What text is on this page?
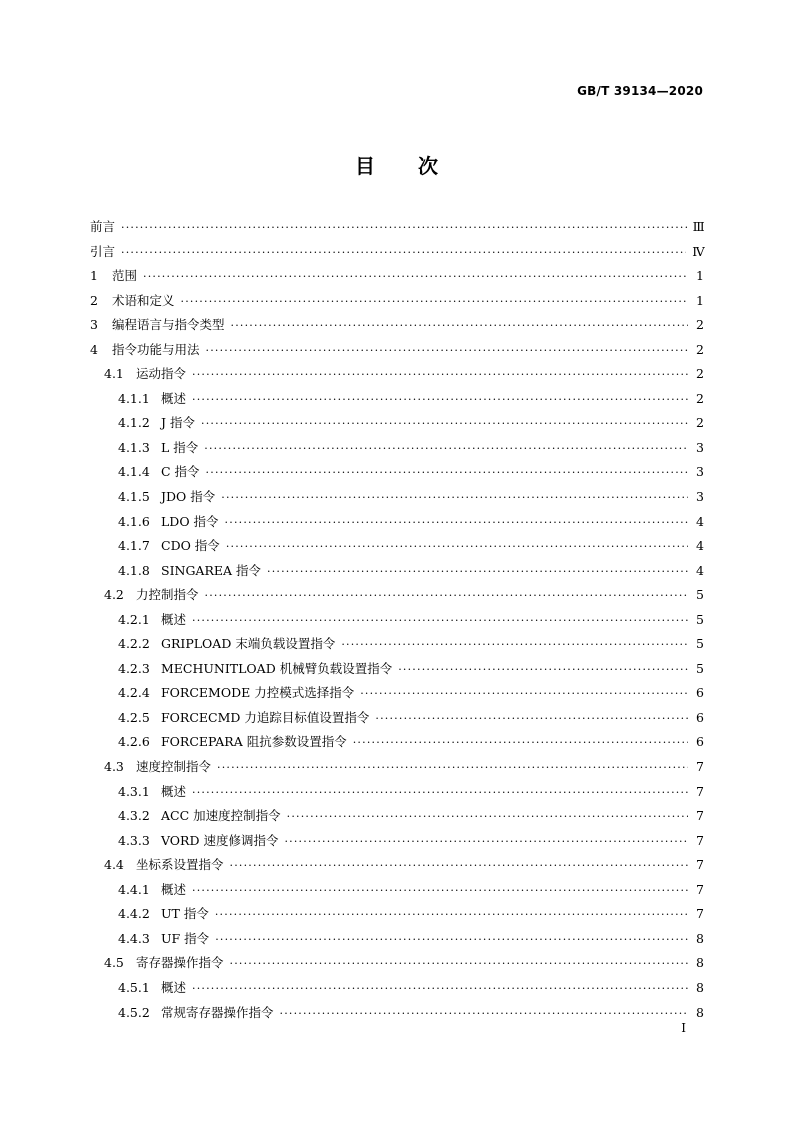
GB/T 39134—2020
目　　次
前言 ·····	Ⅲ
引言 ·····	Ⅳ
1	范围 ·····	1
2	术语和定义 ·····	1
3	编程语言与指令类型 ·····	2
4	指令功能与用法 ·····	2
4.1 运动指令 ·····	2
4.1.1 概述 ·····	2
4.1.2 J 指令 ·····	2
4.1.3 L 指令 ·····	3
4.1.4 C 指令 ·····	3
4.1.5 JDO 指令 ·····	3
4.1.6 LDO 指令 ·····	4
4.1.7 CDO 指令 ·····	4
4.1.8 SINGAREA 指令 ·····	4
4.2 力控制指令 ·····	5
4.2.1 概述 ·····	5
4.2.2 GRIPLOAD 末端负载设置指令 ·····	5
4.2.3 MECHUNITLOAD 机械臂负载设置指令 ·····	5
4.2.4 FORCEMODE 力控模式选择指令 ·····	6
4.2.5 FORCECMD 力追踪目标值设置指令 ·····	6
4.2.6 FORCEPARA 阻抗参数设置指令 ·····	6
4.3 速度控制指令 ·····	7
4.3.1 概述 ·····	7
4.3.2 ACC 加速度控制指令 ·····	7
4.3.3 VORD 速度修调指令 ·····	7
4.4 坐标系设置指令 ·····	7
4.4.1 概述 ·····	7
4.4.2 UT 指令 ·····	7
4.4.3 UF 指令 ·····	8
4.5 寄存器操作指令 ·····	8
4.5.1 概述 ·····	8
4.5.2 常规寄存器操作指令 ·····	8
Ⅰ
